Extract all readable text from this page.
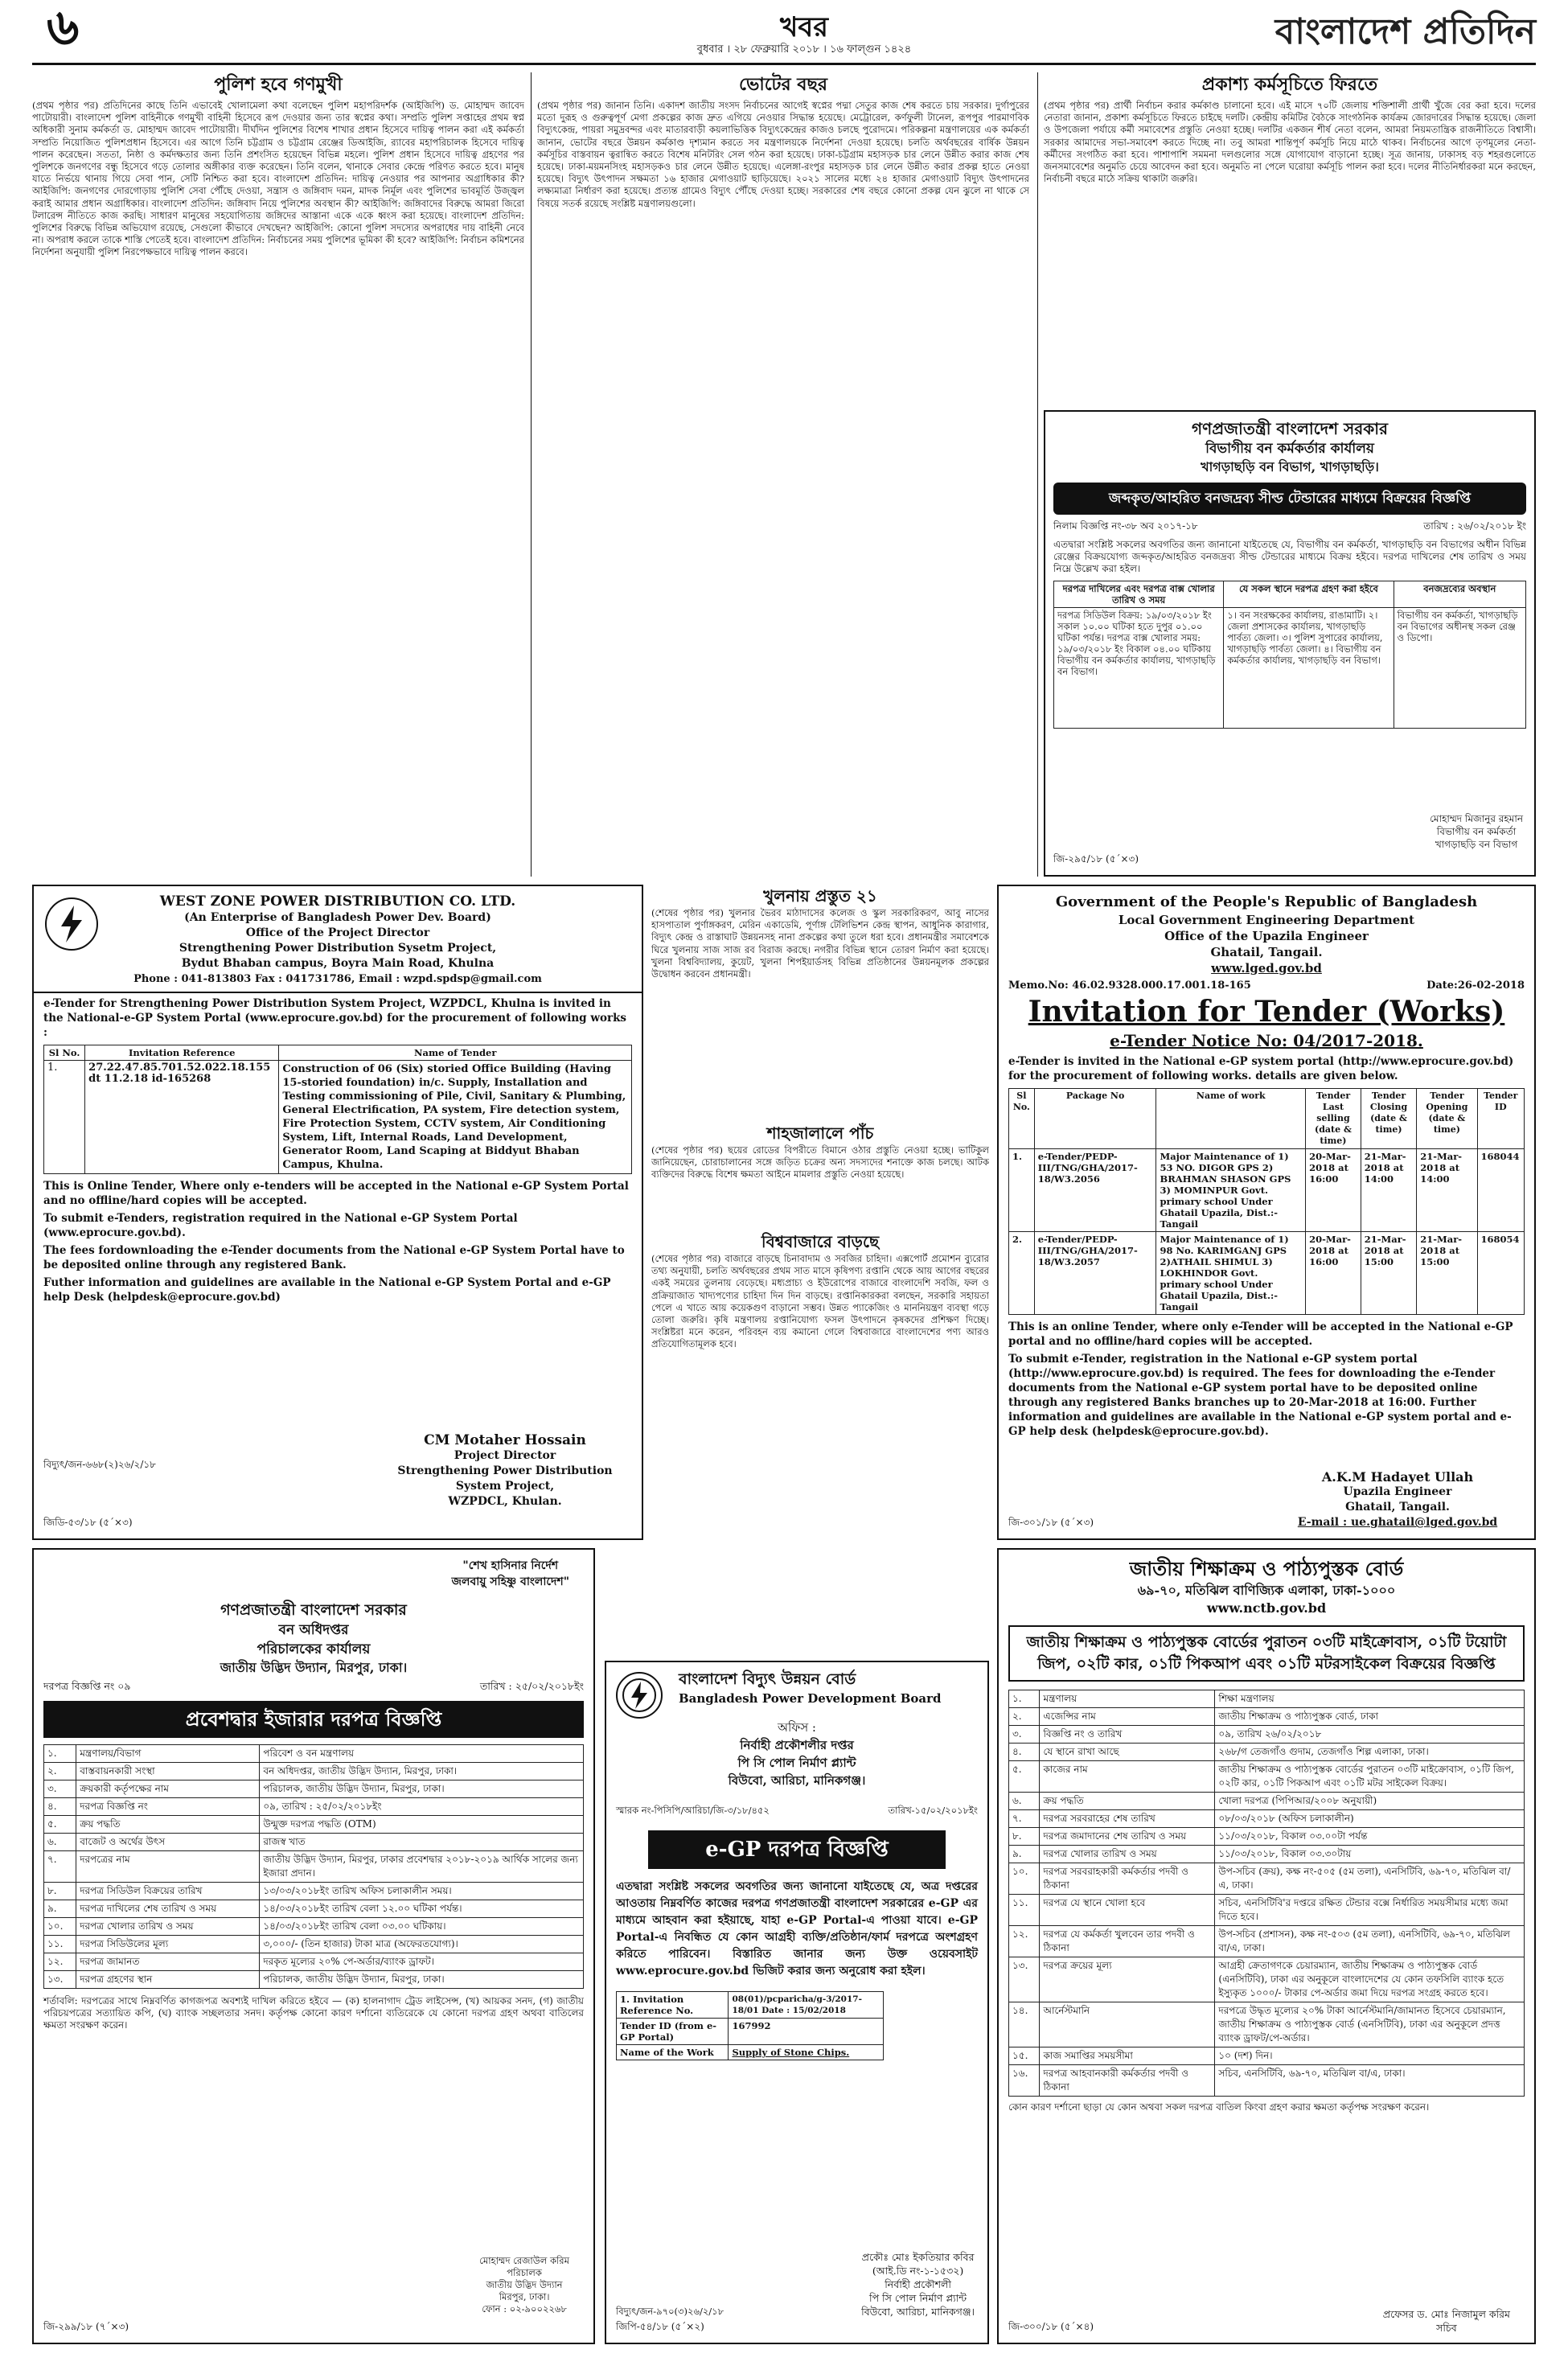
৬	খবর
বুধবার । ২৮ ফেব্রুয়ারি ২০১৮ । ১৬ ফাল্গুন ১৪২৪	বাংলাদেশ প্রতিদিন
পুলিশ হবে গণমুখী

(প্রথম পৃষ্ঠার পর) প্রতিদিনের কাছে তিনি এভাবেই খোলামেলা কথা বলেছেন পুলিশ মহাপরিদর্শক (আইজিপি) ড. মোহাম্মদ জাবেদ পাটোয়ারী। বাংলাদেশ পুলিশ বাহিনীকে গণমুখী বাহিনী হিসেবে রূপ দেওয়ার জন্য তার স্বপ্নের কথা। সম্প্রতি পুলিশ সপ্তাহের প্রথম স্বপ্ন অধিকারী সুনাম কর্মকর্তা ড. মোহাম্মদ জাবেদ পাটোয়ারী। দীর্ঘদিন পুলিশের বিশেষ শাখার প্রধান হিসেবে দায়িত্ব পালন করা এই কর্মকর্তা সম্প্রতি নিয়োজিত পুলিশপ্রধান হিসেবে। এর আগে তিনি চট্টগ্রাম ও চট্টগ্রাম রেঞ্জের ডিআইজি, র‍্যাবের মহাপরিচালক হিসেবে দায়িত্ব পালন করেছেন। সততা, নিষ্ঠা ও কর্মদক্ষতার জন্য তিনি প্রশংসিত হয়েছেন বিভিন্ন মহলে। পুলিশ প্রধান হিসেবে দায়িত্ব গ্রহণের পর পুলিশকে জনগণের বন্ধু হিসেবে গড়ে তোলার অঙ্গীকার ব্যক্ত করেছেন। তিনি বলেন, থানাকে সেবার কেন্দ্রে পরিণত করতে হবে। মানুষ যাতে নির্ভয়ে থানায় গিয়ে সেবা পান, সেটি নিশ্চিত করা হবে। বাংলাদেশ প্রতিদিন: দায়িত্ব নেওয়ার পর আপনার অগ্রাধিকার কী? আইজিপি: জনগণের দোরগোড়ায় পুলিশি সেবা পৌঁছে দেওয়া, সন্ত্রাস ও জঙ্গিবাদ দমন, মাদক নির্মূল এবং পুলিশের ভাবমূর্তি উজ্জ্বল করাই আমার প্রধান অগ্রাধিকার। বাংলাদেশ প্রতিদিন: জঙ্গিবাদ নিয়ে পুলিশের অবস্থান কী? আইজিপি: জঙ্গিবাদের বিরুদ্ধে আমরা জিরো টলারেন্স নীতিতে কাজ করছি। সাধারণ মানুষের সহযোগিতায় জঙ্গিদের আস্তানা একে একে ধ্বংস করা হয়েছে। বাংলাদেশ প্রতিদিন: পুলিশের বিরুদ্ধে বিভিন্ন অভিযোগ রয়েছে, সেগুলো কীভাবে দেখছেন? আইজিপি: কোনো পুলিশ সদস্যের অপরাধের দায় বাহিনী নেবে না। অপরাধ করলে তাকে শাস্তি পেতেই হবে। বাংলাদেশ প্রতিদিন: নির্বাচনের সময় পুলিশের ভূমিকা কী হবে? আইজিপি: নির্বাচন কমিশনের নির্দেশনা অনুযায়ী পুলিশ নিরপেক্ষভাবে দায়িত্ব পালন করবে।

ভোটের বছর

(প্রথম পৃষ্ঠার পর) জানান তিনি। একাদশ জাতীয় সংসদ নির্বাচনের আগেই স্বপ্নের পদ্মা সেতুর কাজ শেষ করতে চায় সরকার। দুর্গাপুরের মতো দুরূহ ও গুরুত্বপূর্ণ মেগা প্রকল্পের কাজ দ্রুত এগিয়ে নেওয়ার সিদ্ধান্ত হয়েছে। মেট্রোরেল, কর্ণফুলী টানেল, রূপপুর পারমাণবিক বিদ্যুৎকেন্দ্র, পায়রা সমুদ্রবন্দর এবং মাতারবাড়ী কয়লাভিত্তিক বিদ্যুৎকেন্দ্রের কাজও চলছে পুরোদমে। পরিকল্পনা মন্ত্রণালয়ের এক কর্মকর্তা জানান, ভোটের বছরে উন্নয়ন কর্মকাণ্ড দৃশ্যমান করতে সব মন্ত্রণালয়কে নির্দেশনা দেওয়া হয়েছে। চলতি অর্থবছরের বার্ষিক উন্নয়ন কর্মসূচির বাস্তবায়ন ত্বরান্বিত করতে বিশেষ মনিটরিং সেল গঠন করা হয়েছে। ঢাকা-চট্টগ্রাম মহাসড়ক চার লেনে উন্নীত করার কাজ শেষ হয়েছে। ঢাকা-ময়মনসিংহ মহাসড়কও চার লেনে উন্নীত হয়েছে। এলেঙ্গা-রংপুর মহাসড়ক চার লেনে উন্নীত করার প্রকল্প হাতে নেওয়া হয়েছে। বিদ্যুৎ উৎপাদন সক্ষমতা ১৬ হাজার মেগাওয়াট ছাড়িয়েছে। ২০২১ সালের মধ্যে ২৪ হাজার মেগাওয়াট বিদ্যুৎ উৎপাদনের লক্ষ্যমাত্রা নির্ধারণ করা হয়েছে। প্রত্যন্ত গ্রামেও বিদ্যুৎ পৌঁছে দেওয়া হচ্ছে। সরকারের শেষ বছরে কোনো প্রকল্প যেন ঝুলে না থাকে সে বিষয়ে সতর্ক রয়েছে সংশ্লিষ্ট মন্ত্রণালয়গুলো।

প্রকাশ্য কর্মসূচিতে ফিরতে

(প্রথম পৃষ্ঠার পর) প্রার্থী নির্বাচন করার কর্মকাণ্ড চালানো হবে। এই মাসে ৭০টি জেলায় শক্তিশালী প্রার্থী খুঁজে বের করা হবে। দলের নেতারা জানান, প্রকাশ্য কর্মসূচিতে ফিরতে চাইছে দলটি। কেন্দ্রীয় কমিটির বৈঠকে সাংগঠনিক কার্যক্রম জোরদারের সিদ্ধান্ত হয়েছে। জেলা ও উপজেলা পর্যায়ে কর্মী সমাবেশের প্রস্তুতি নেওয়া হচ্ছে। দলটির একজন শীর্ষ নেতা বলেন, আমরা নিয়মতান্ত্রিক রাজনীতিতে বিশ্বাসী। সরকার আমাদের সভা-সমাবেশ করতে দিচ্ছে না। তবু আমরা শান্তিপূর্ণ কর্মসূচি নিয়ে মাঠে থাকব। নির্বাচনের আগে তৃণমূলের নেতা-কর্মীদের সংগঠিত করা হবে। পাশাপাশি সমমনা দলগুলোর সঙ্গে যোগাযোগ বাড়ানো হচ্ছে। সূত্র জানায়, ঢাকাসহ বড় শহরগুলোতে জনসমাবেশের অনুমতি চেয়ে আবেদন করা হবে। অনুমতি না পেলে ঘরোয়া কর্মসূচি পালন করা হবে। দলের নীতিনির্ধারকরা মনে করছেন, নির্বাচনী বছরে মাঠে সক্রিয় থাকাটা জরুরি।

গণপ্রজাতন্ত্রী বাংলাদেশ সরকার
বিভাগীয় বন কর্মকর্তার কার্যালয়
খাগড়াছড়ি বন বিভাগ, খাগড়াছড়ি।
জব্দকৃত/আহরিত বনজদ্রব্য সীল্ড টেন্ডারের মাধ্যমে বিক্রয়ের বিজ্ঞপ্তি
নিলাম বিজ্ঞপ্তি নং-৩৮ অব ২০১৭-১৮	তারিখ : ২৬/০২/২০১৮ ইং
এতদ্বারা সংশ্লিষ্ট সকলের অবগতির জন্য জানানো যাইতেছে যে, বিভাগীয় বন কর্মকর্তা, খাগড়াছড়ি বন বিভাগের অধীন বিভিন্ন রেঞ্জের বিক্রয়যোগ্য জব্দকৃত/আহরিত বনজদ্রব্য সীল্ড টেন্ডারের মাধ্যমে বিক্রয় হইবে। দরপত্র দাখিলের শেষ তারিখ ও সময় নিম্নে উল্লেখ করা হইল।
দরপত্র দাখিলের এবং দরপত্র বাক্স খোলার তারিখ ও সময়	যে সকল স্থানে দরপত্র গ্রহণ করা হইবে	বনজদ্রব্যের অবস্থান
দরপত্র সিডিউল বিক্রয়: ১৯/০৩/২০১৮ ইং সকাল ১০.০০ ঘটিকা হতে দুপুর ০১.০০ ঘটিকা পর্যন্ত। দরপত্র বাক্স খোলার সময়: ১৯/০৩/২০১৮ ইং বিকাল ০৪.০০ ঘটিকায় বিভাগীয় বন কর্মকর্তার কার্যালয়, খাগড়াছড়ি বন বিভাগ।	১। বন সংরক্ষকের কার্যালয়, রাঙামাটি। ২। জেলা প্রশাসকের কার্যালয়, খাগড়াছড়ি পার্বত্য জেলা। ৩। পুলিশ সুপারের কার্যালয়, খাগড়াছড়ি পার্বত্য জেলা। ৪। বিভাগীয় বন কর্মকর্তার কার্যালয়, খাগড়াছড়ি বন বিভাগ।	বিভাগীয় বন কর্মকর্তা, খাগড়াছড়ি বন বিভাগের অধীনস্থ সকল রেঞ্জ ও ডিপো।
মোহাম্মদ মিজানুর রহমান
বিভাগীয় বন কর্মকর্তা
খাগড়াছড়ি বন বিভাগ
জি-২৯৫/১৮ (৫´×৩)
WEST ZONE POWER DISTRIBUTION CO. LTD.
(An Enterprise of Bangladesh Power Dev. Board)
Office of the Project Director
Strengthening Power Distribution Sysetm Project,
Bydut Bhaban campus, Boyra Main Road, Khulna
Phone : 041-813803 Fax : 041731786, Email : wzpd.spdsp@gmail.com
e-Tender for Strengthening Power Distribution System Project, WZPDCL, Khulna is invited in the National-e-GP System Portal (www.eprocure.gov.bd) for the procurement of following works :
Sl No.	Invitation Reference	Name of Tender
1.	27.22.47.85.701.52.022.18.155 dt 11.2.18 id-165268	Construction of 06 (Six) storied Office Building (Having 15-storied foundation) in/c. Supply, Installation and Testing commissioning of Pile, Civil, Sanitary & Plumbing, General Electrification, PA system, Fire detection system, Fire Protection System, CCTV system, Air Conditioning System, Lift, Internal Roads, Land Development, Generator Room, Land Scaping at Biddyut Bhaban Campus, Khulna.
This is Online Tender, Where only e-tenders will be accepted in the National e-GP System Portal and no offline/hard copies will be accepted.
To submit e-Tenders, registration required in the National e-GP System Portal (www.eprocure.gov.bd).
The fees fordownloading the e-Tender documents from the National e-GP System Portal have to be deposited online through any registered Bank.
Futher information and guidelines are available in the National e-GP System Portal and e-GP help Desk (helpdesk@eprocure.gov.bd)
বিদ্যুৎ/জন-৬৬৮(২)২৬/২/১৮
CM Motaher Hossain
Project Director
Strengthening Power Distribution
System Project,
WZPDCL, Khulan.
জিডি-৫৩/১৮ (৫´×৩)
খুলনায় প্রস্তুত ২১

(শেষের পৃষ্ঠার পর) খুলনার ভৈরব মাঠাদাসের কলেজ ও স্কুল সরকারিকরণ, আবু নাসের হাসপাতাল পুর্ণাঙ্গকরণ, মেরিন একাডেমি, পূর্ণাঙ্গ টেলিভিশন কেন্দ্র স্থাপন, আধুনিক কারাগার, বিদ্যুৎ কেন্দ্র ও রাস্তাঘাট উন্নয়নসহ নানা প্রকল্পের কথা তুলে ধরা হবে। প্রধানমন্ত্রীর সমাবেশকে ঘিরে খুলনায় সাজ সাজ রব বিরাজ করছে। নগরীর বিভিন্ন স্থানে তোরণ নির্মাণ করা হয়েছে। খুলনা বিশ্ববিদ্যালয়, কুয়েট, খুলনা শিপইয়ার্ডসহ বিভিন্ন প্রতিষ্ঠানের উন্নয়নমূলক প্রকল্পের উদ্বোধন করবেন প্রধানমন্ত্রী।

শাহজালালে পাঁচ

(শেষের পৃষ্ঠার পর) ছয়ের রোডের বিপরীতে বিমানে ওঠার প্রস্তুতি নেওয়া হচ্ছে। ভাটিকুল জানিয়েছেন, চোরাচালানের সঙ্গে জড়িত চক্রের অন্য সদস্যদের শনাক্তে কাজ চলছে। আটক ব্যক্তিদের বিরুদ্ধে বিশেষ ক্ষমতা আইনে মামলার প্রস্তুতি নেওয়া হয়েছে।

বিশ্ববাজারে বাড়ছে

(শেষের পৃষ্ঠার পর) বাজারে বাড়ছে চিনাবাদাম ও সবজির চাহিদা। এক্সপোর্ট প্রমোশন ব্যুরোর তথ্য অনুযায়ী, চলতি অর্থবছরের প্রথম সাত মাসে কৃষিপণ্য রপ্তানি থেকে আয় আগের বছরের একই সময়ের তুলনায় বেড়েছে। মধ্যপ্রাচ্য ও ইউরোপের বাজারে বাংলাদেশি সবজি, ফল ও প্রক্রিয়াজাত খাদ্যপণ্যের চাহিদা দিন দিন বাড়ছে। রপ্তানিকারকরা বলছেন, সরকারি সহায়তা পেলে এ খাতে আয় কয়েকগুণ বাড়ানো সম্ভব। উন্নত প্যাকেজিং ও মাননিয়ন্ত্রণ ব্যবস্থা গড়ে তোলা জরুরি। কৃষি মন্ত্রণালয় রপ্তানিযোগ্য ফসল উৎপাদনে কৃষকদের প্রশিক্ষণ দিচ্ছে। সংশ্লিষ্টরা মনে করেন, পরিবহন ব্যয় কমানো গেলে বিশ্ববাজারে বাংলাদেশের পণ্য আরও প্রতিযোগিতামূলক হবে।

Government of the People's Republic of Bangladesh
Local Government Engineering Department
Office of the Upazila Engineer
Ghatail, Tangail.
www.lged.gov.bd
Memo.No: 46.02.9328.000.17.001.18-165	Date:26-02-2018
Invitation for Tender (Works)
e-Tender Notice No: 04/2017-2018.
e-Tender is invited in the National e-GP system portal (http://www.eprocure.gov.bd) for the procurement of following works. details are given below.
Sl No.	Package No	Name of work	Tender Last selling (date & time)	Tender Closing (date & time)	Tender Opening (date & time)	Tender ID
1.	e-Tender/PEDP-III/TNG/GHA/2017-18/W3.2056	Major Maintenance of 1) 53 NO. DIGOR GPS 2) BRAHMAN SHASON GPS 3) MOMINPUR Govt. primary school Under Ghatail Upazila, Dist.:-Tangail	20-Mar-2018 at 16:00	21-Mar-2018 at 14:00	21-Mar-2018 at 14:00	168044
2.	e-Tender/PEDP-III/TNG/GHA/2017-18/W3.2057	Major Maintenance of 1) 98 No. KARIMGANJ GPS 2)ATHAIL SHIMUL 3) LOKHINDOR Govt. primary school Under Ghatail Upazila, Dist.:-Tangail	20-Mar-2018 at 16:00	21-Mar-2018 at 15:00	21-Mar-2018 at 15:00	168054
This is an online Tender, where only e-Tender will be accepted in the National e-GP portal and no offline/hard copies will be accepted.
To submit e-Tender, registration in the National e-GP system portal (http://www.eprocure.gov.bd) is required. The fees for downloading the e-Tender documents from the National e-GP system portal have to be deposited online through any registered Banks branches up to 20-Mar-2018 at 16:00. Further information and guidelines are available in the National e-GP system portal and e-GP help desk (helpdesk@eprocure.gov.bd).
A.K.M Hadayet Ullah
Upazila Engineer
Ghatail, Tangail.
E-mail : ue.ghatail@lged.gov.bd
জি-৩০১/১৮ (৫´×৩)
"শেখ হাসিনার নির্দেশ
জলবায়ু সহিষ্ণু বাংলাদেশ"
গণপ্রজাতন্ত্রী বাংলাদেশ সরকার
বন অধিদপ্তর
পরিচালকের কার্যালয়
জাতীয় উদ্ভিদ উদ্যান, মিরপুর, ঢাকা।
দরপত্র বিজ্ঞপ্তি নং ০৯	তারিখ : ২৫/০২/২০১৮ইং
প্রবেশদ্বার ইজারার দরপত্র বিজ্ঞপ্তি
১.	মন্ত্রণালয়/বিভাগ	পরিবেশ ও বন মন্ত্রণালয়
২.	বাস্তবায়নকারী সংস্থা	বন অধিদপ্তর, জাতীয় উদ্ভিদ উদ্যান, মিরপুর, ঢাকা।
৩.	ক্রয়কারী কর্তৃপক্ষের নাম	পরিচালক, জাতীয় উদ্ভিদ উদ্যান, মিরপুর, ঢাকা।
৪.	দরপত্র বিজ্ঞপ্তি নং	০৯, তারিখ : ২৫/০২/২০১৮ইং
৫.	ক্রয় পদ্ধতি	উন্মুক্ত দরপত্র পদ্ধতি (OTM)
৬.	বাজেট ও অর্থের উৎস	রাজস্ব খাত
৭.	দরপত্রের নাম	জাতীয় উদ্ভিদ উদ্যান, মিরপুর, ঢাকার প্রবেশদ্বার ২০১৮-২০১৯ আর্থিক সালের জন্য ইজারা প্রদান।
৮.	দরপত্র সিডিউল বিক্রয়ের তারিখ	১৩/০৩/২০১৮ইং তারিখ অফিস চলাকালীন সময়।
৯.	দরপত্র দাখিলের শেষ তারিখ ও সময়	১৪/০৩/২০১৮ইং তারিখ বেলা ১২.০০ ঘটিকা পর্যন্ত।
১০.	দরপত্র খোলার তারিখ ও সময়	১৪/০৩/২০১৮ইং তারিখ বেলা ০৩.০০ ঘটিকায়।
১১.	দরপত্র সিডিউলের মূল্য	৩,০০০/- (তিন হাজার) টাকা মাত্র (অফেরতযোগ্য)।
১২.	দরপত্র জামানত	দরকৃত মূল্যের ২০% পে-অর্ডার/ব্যাংক ড্রাফট।
১৩.	দরপত্র গ্রহণের স্থান	পরিচালক, জাতীয় উদ্ভিদ উদ্যান, মিরপুর, ঢাকা।
শর্তাবলি: দরপত্রের সাথে নিম্নবর্ণিত কাগজপত্র অবশ্যই দাখিল করিতে হইবে — (ক) হালনাগাদ ট্রেড লাইসেন্স, (খ) আয়কর সনদ, (গ) জাতীয় পরিচয়পত্রের সত্যায়িত কপি, (ঘ) ব্যাংক সচ্ছলতার সনদ। কর্তৃপক্ষ কোনো কারণ দর্শানো ব্যতিরেকে যে কোনো দরপত্র গ্রহণ অথবা বাতিলের ক্ষমতা সংরক্ষণ করেন।
মোহাম্মদ রেজাউল করিম
পরিচালক
জাতীয় উদ্ভিদ উদ্যান
মিরপুর, ঢাকা।
ফোন : ০২-৯০০২২৬৮
জি-২৯৯/১৮ (৭´×৩)
বাংলাদেশ বিদ্যুৎ উন্নয়ন বোর্ড
Bangladesh Power Development Board
অফিস :
নির্বাহী প্রকৌশলীর দপ্তর
পি সি পোল নির্মাণ প্ল্যান্ট
বিউবো, আরিচা, মানিকগঞ্জ।
স্মারক নং-পিসিপি/আরিচা/জি-৩/১৮/৪৫২	তারিখ-১৫/০২/২০১৮ইং
e-GP দরপত্র বিজ্ঞপ্তি
এতদ্বারা সংশ্লিষ্ট সকলের অবগতির জন্য জানানো যাইতেছে যে, অত্র দপ্তরের আওতায় নিম্নবর্ণিত কাজের দরপত্র গণপ্রজাতন্ত্রী বাংলাদেশ সরকারের e-GP এর মাধ্যমে আহবান করা হইয়াছে, যাহা e-GP Portal-এ পাওয়া যাবে। e-GP Portal-এ নিবন্ধিত যে কোন আগ্রহী ব্যক্তি/প্রতিষ্ঠান/ফার্ম দরপত্রে অংশগ্রহণ করিতে পারিবেন। বিস্তারিত জানার জন্য উক্ত ওয়েবসাইট www.eprocure.gov.bd ভিজিট করার জন্য অনুরোধ করা হইল।
1. Invitation Reference No.	08(01)/pcparicha/g-3/2017-18/01 Date : 15/02/2018
Tender ID (from e-GP Portal)	167992
Name of the Work	Supply of Stone Chips.
প্রকৌঃ মোঃ ইকতিয়ার কবির
(আই.ডি নং-১-১৫৩২)
নির্বাহী প্রকৌশলী
পি সি পোল নির্মাণ প্ল্যান্ট
বিউবো, আরিচা, মানিকগঞ্জ।
বিদ্যুৎ/জন-৯৭০(৩)২৬/২/১৮
জিপি-৫৪/১৮ (৫´×২)
জাতীয় শিক্ষাক্রম ও পাঠ্যপুস্তক বোর্ড
৬৯-৭০, মতিঝিল বাণিজ্যিক এলাকা, ঢাকা-১০০০
www.nctb.gov.bd
জাতীয় শিক্ষাক্রম ও পাঠ্যপুস্তক বোর্ডের পুরাতন ০৩টি মাইক্রোবাস, ০১টি টয়োটা জিপ, ০২টি কার, ০১টি পিকআপ এবং ০১টি মটরসাইকেল বিক্রয়ের বিজ্ঞপ্তি
১.	মন্ত্রণালয়	শিক্ষা মন্ত্রণালয়
২.	এজেন্সির নাম	জাতীয় শিক্ষাক্রম ও পাঠ্যপুস্তক বোর্ড, ঢাকা
৩.	বিজ্ঞপ্তি নং ও তারিখ	০৯, তারিখ ২৬/০২/২০১৮
৪.	যে স্থানে রাখা আছে	২৬৮/গ তেজগাঁও গুদাম, তেজগাঁও শিল্প এলাকা, ঢাকা।
৫.	কাজের নাম	জাতীয় শিক্ষাক্রম ও পাঠ্যপুস্তক বোর্ডের পুরাতন ০৩টি মাইক্রোবাস, ০১টি জিপ, ০২টি কার, ০১টি পিকআপ এবং ০১টি মটর সাইকেল বিক্রয়।
৬.	ক্রয় পদ্ধতি	খোলা দরপত্র (পিপিআর/২০০৮ অনুযায়ী)
৭.	দরপত্র সরবরাহের শেষ তারিখ	০৮/০৩/২০১৮ (অফিস চলাকালীন)
৮.	দরপত্র জমাদানের শেষ তারিখ ও সময়	১১/০৩/২০১৮, বিকাল ০৩.০০টা পর্যন্ত
৯.	দরপত্র খোলার তারিখ ও সময়	১১/০৩/২০১৮, বিকাল ০৩.৩০টায়
১০.	দরপত্র সরবরাহকারী কর্মকর্তার পদবী ও ঠিকানা	উপ-সচিব (ক্রয়), কক্ষ নং-৫০৫ (৫ম তলা), এনসিটিবি, ৬৯-৭০, মতিঝিল বা/এ, ঢাকা।
১১.	দরপত্র যে স্থানে খোলা হবে	সচিব, এনসিটিবি'র দপ্তরে রক্ষিত টেন্ডার বক্সে নির্ধারিত সময়সীমার মধ্যে জমা দিতে হবে।
১২.	দরপত্র যে কর্মকর্তা খুলবেন তার পদবী ও ঠিকানা	উপ-সচিব (প্রশাসন), কক্ষ নং-৫০৩ (৫ম তলা), এনসিটিবি, ৬৯-৭০, মতিঝিল বা/এ, ঢাকা।
১৩.	দরপত্র ক্রয়ের মূল্য	আগ্রহী ক্রেতাগণকে চেয়ারম্যান, জাতীয় শিক্ষাক্রম ও পাঠ্যপুস্তক বোর্ড (এনসিটিবি), ঢাকা এর অনুকূলে বাংলাদেশের যে কোন তফসিলি ব্যাংক হতে ইস্যুকৃত ১০০০/- টাকার পে-অর্ডার জমা দিয়ে দরপত্র সংগ্রহ করতে হবে।
১৪.	আর্নেস্টমানি	দরপত্রে উদ্ধৃত মূল্যের ২০% টাকা আর্নেস্টমানি/জামানত হিসেবে চেয়ারম্যান, জাতীয় শিক্ষাক্রম ও পাঠ্যপুস্তক বোর্ড (এনসিটিবি), ঢাকা এর অনুকূলে প্রদত্ত ব্যাংক ড্রাফট/পে-অর্ডার।
১৫.	কাজ সমাপ্তির সময়সীমা	১০ (দশ) দিন।
১৬.	দরপত্র আহবানকারী কর্মকর্তার পদবী ও ঠিকানা	সচিব, এনসিটিবি, ৬৯-৭০, মতিঝিল বা/এ, ঢাকা।
কোন কারণ দর্শানো ছাড়া যে কোন অথবা সকল দরপত্র বাতিল কিংবা গ্রহণ করার ক্ষমতা কর্তৃপক্ষ সংরক্ষণ করেন।
প্রফেসর ড. মোঃ নিজামুল করিম
সচিব
জি-৩০০/১৮ (৫´×৪)
